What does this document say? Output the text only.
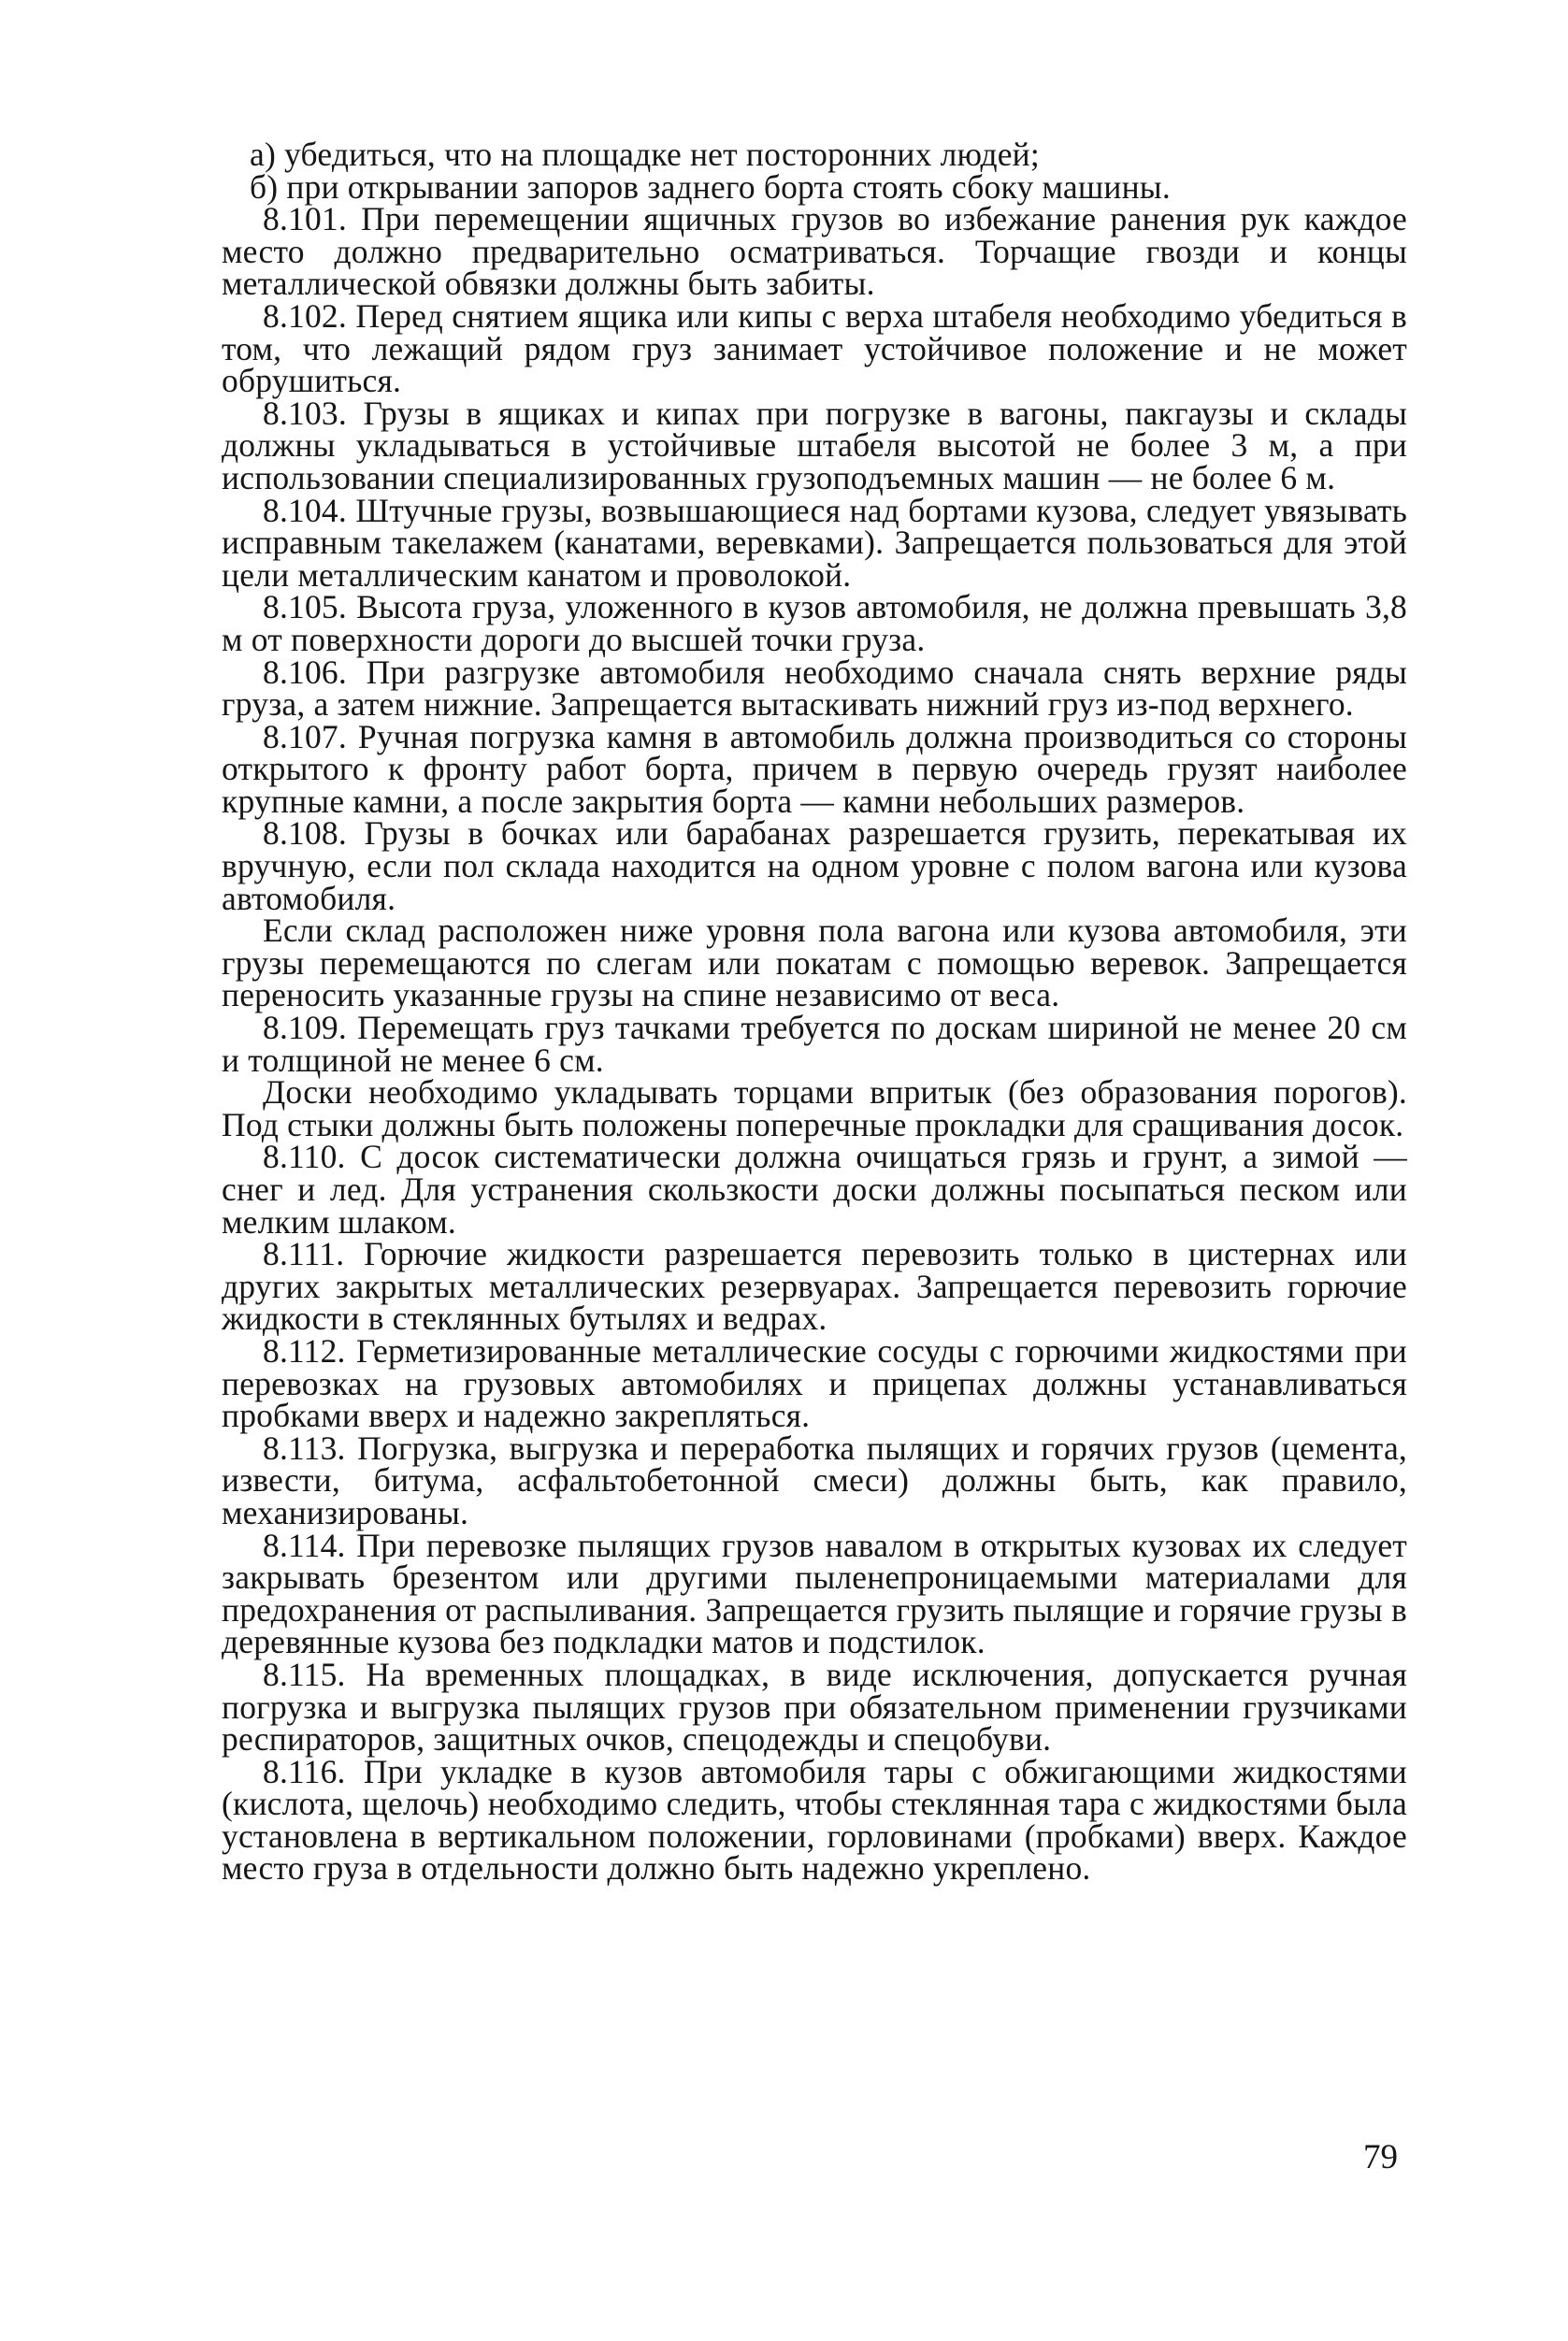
а) убедиться, что на площадке нет посторонних людей;

б) при открывании запоров заднего борта стоять сбоку машины.

8.101. При перемещении ящичных грузов во избежание ранения рук каждое место должно предварительно осматриваться. Торчащие гвозди и концы металлической обвязки должны быть забиты.

8.102. Перед снятием ящика или кипы с верха штабеля необходимо убедиться в том, что лежащий рядом груз занимает устойчивое положение и не может обрушиться.

8.103. Грузы в ящиках и кипах при погрузке в вагоны, пакгаузы и склады должны укладываться в устойчивые штабеля высотой не более 3 м, а при использовании специализированных грузоподъемных машин — не более 6 м.

8.104. Штучные грузы, возвышающиеся над бортами кузова, следует увязывать исправным такелажем (канатами, веревками). Запрещается пользоваться для этой цели металлическим канатом и проволокой.

8.105. Высота груза, уложенного в кузов автомобиля, не должна превышать 3,8 м от поверхности дороги до высшей точки груза.

8.106. При разгрузке автомобиля необходимо сначала снять верхние ряды груза, а затем нижние. Запрещается вытаскивать нижний груз из-под верхнего.

8.107. Ручная погрузка камня в автомобиль должна производиться со стороны открытого к фронту работ борта, причем в первую очередь грузят наиболее крупные камни, а после закрытия борта — камни небольших размеров.

8.108. Грузы в бочках или барабанах разрешается грузить, перекатывая их вручную, если пол склада находится на одном уровне с полом вагона или кузова автомобиля.

Если склад расположен ниже уровня пола вагона или кузова автомобиля, эти грузы перемещаются по слегам или покатам с помощью веревок. Запрещается переносить указанные грузы на спине независимо от веса.

8.109. Перемещать груз тачками требуется по доскам шириной не менее 20 см и толщиной не менее 6 см.

Доски необходимо укладывать торцами впритык (без образования порогов). Под стыки должны быть положены поперечные прокладки для сращивания досок.

8.110. С досок систематически должна очищаться грязь и грунт, а зимой — снег и лед. Для устранения скользкости доски должны посыпаться песком или мелким шлаком.

8.111. Горючие жидкости разрешается перевозить только в цистернах или других закрытых металлических резервуарах. Запрещается перевозить горючие жидкости в стеклянных бутылях и ведрах.

8.112. Герметизированные металлические сосуды с горючими жидкостями при перевозках на грузовых автомобилях и прицепах должны устанавливаться пробками вверх и надежно закрепляться.

8.113. Погрузка, выгрузка и переработка пылящих и горячих грузов (цемента, извести, битума, асфальтобетонной смеси) должны быть, как правило, механизированы.

8.114. При перевозке пылящих грузов навалом в открытых кузовах их следует закрывать брезентом или другими пыленепроницаемыми материалами для предохранения от распыливания. Запрещается грузить пылящие и горячие грузы в деревянные кузова без подкладки матов и подстилок.

8.115. На временных площадках, в виде исключения, допускается ручная погрузка и выгрузка пылящих грузов при обязательном применении грузчиками респираторов, защитных очков, спецодежды и спецобуви.

8.116. При укладке в кузов автомобиля тары с обжигающими жидкостями (кислота, щелочь) необходимо следить, чтобы стеклянная тара с жидкостями была установлена в вертикальном положении, горловинами (пробками) вверх. Каждое место груза в отдельности должно быть надежно укреплено.

79
